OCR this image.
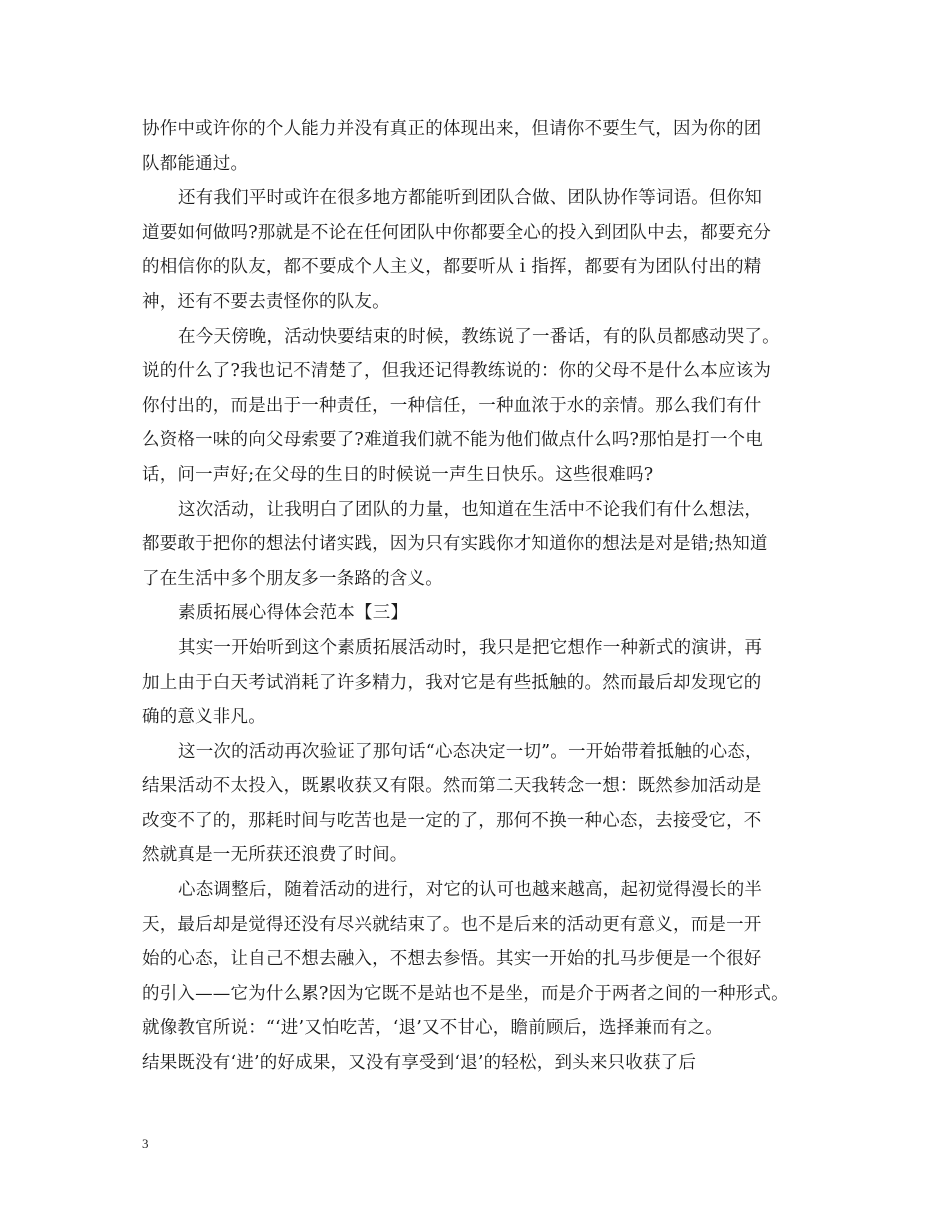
协作中或许你的个人能力并没有真正的体现出来，但请你不要生气，因为你的团
队都能通过。
还有我们平时或许在很多地方都能听到团队合做、团队协作等词语。但你知
道要如何做吗?那就是不论在任何团队中你都要全心的投入到团队中去，都要充分
的相信你的队友，都不要成个人主义，都要听从ｉ指挥，都要有为团队付出的精
神，还有不要去责怪你的队友。
在今天傍晚，活动快要结束的时候，教练说了一番话，有的队员都感动哭了。
说的什么了?我也记不清楚了，但我还记得教练说的：你的父母不是什么本应该为
你付出的，而是出于一种责任，一种信任，一种血浓于水的亲情。那么我们有什
么资格一味的向父母索要了?难道我们就不能为他们做点什么吗?那怕是打一个电
话，问一声好;在父母的生日的时候说一声生日快乐。这些很难吗?
这次活动，让我明白了团队的力量，也知道在生活中不论我们有什么想法，
都要敢于把你的想法付诸实践，因为只有实践你才知道你的想法是对是错;热知道
了在生活中多个朋友多一条路的含义。
素质拓展心得体会范本【三】
其实一开始听到这个素质拓展活动时，我只是把它想作一种新式的演讲，再
加上由于白天考试消耗了许多精力，我对它是有些抵触的。然而最后却发现它的
确的意义非凡。
这一次的活动再次验证了那句话“心态决定一切”。一开始带着抵触的心态，
结果活动不太投入，既累收获又有限。然而第二天我转念一想：既然参加活动是
改变不了的，那耗时间与吃苦也是一定的了，那何不换一种心态，去接受它，不
然就真是一无所获还浪费了时间。
心态调整后，随着活动的进行，对它的认可也越来越高，起初觉得漫长的半
天，最后却是觉得还没有尽兴就结束了。也不是后来的活动更有意义，而是一开
始的心态，让自己不想去融入，不想去参悟。其实一开始的扎马步便是一个很好
的引入——它为什么累?因为它既不是站也不是坐，而是介于两者之间的一种形式。
就像教官所说：“‘进’又怕吃苦，‘退’又不甘心，瞻前顾后，选择兼而有之。
结果既没有‘进’的好成果，又没有享受到‘退’的轻松，到头来只收获了后
3
